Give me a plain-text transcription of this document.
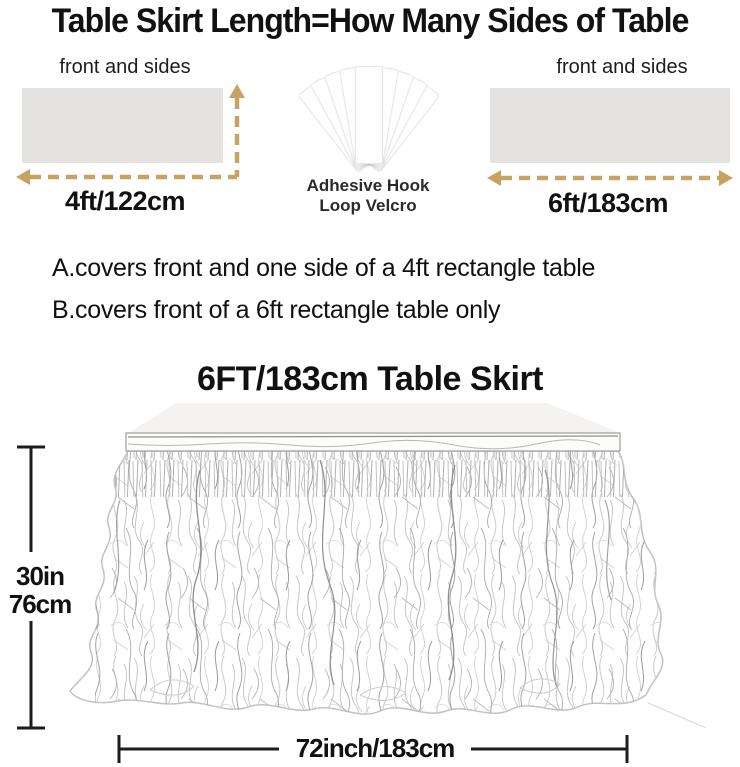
Table Skirt Length=How Many Sides of Table
front and sides
4ft/122cm
Adhesive Hook
Loop Velcro
front and sides
6ft/183cm
A.covers front and one side of a 4ft rectangle table
B.covers front of a 6ft rectangle table only
6FT/183cm Table Skirt
30in
76cm
72inch/183cm
